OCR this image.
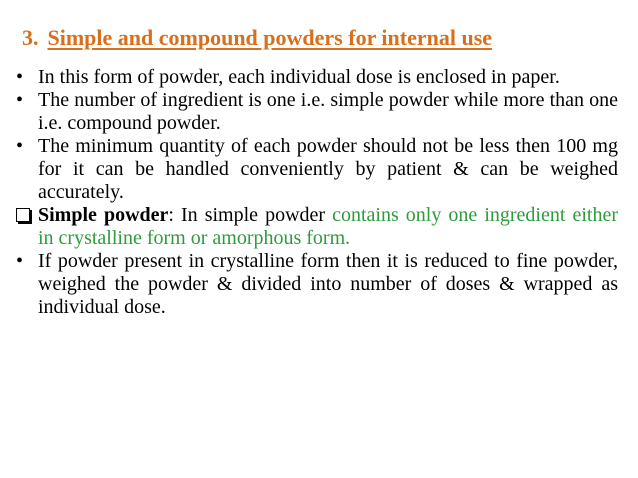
3. Simple and compound powders for internal use
• In this form of powder, each individual dose is enclosed in paper.
• The number of ingredient is one i.e. simple powder while more than one i.e. compound powder.
• The minimum quantity of each powder should not be less then 100 mg for it can be handled conveniently by patient & can be weighed accurately.
Simple powder: In simple powder contains only one ingredient either in crystalline form or amorphous form.
• If powder present in crystalline form then it is reduced to fine powder, weighed the powder & divided into number of doses & wrapped as individual dose.
